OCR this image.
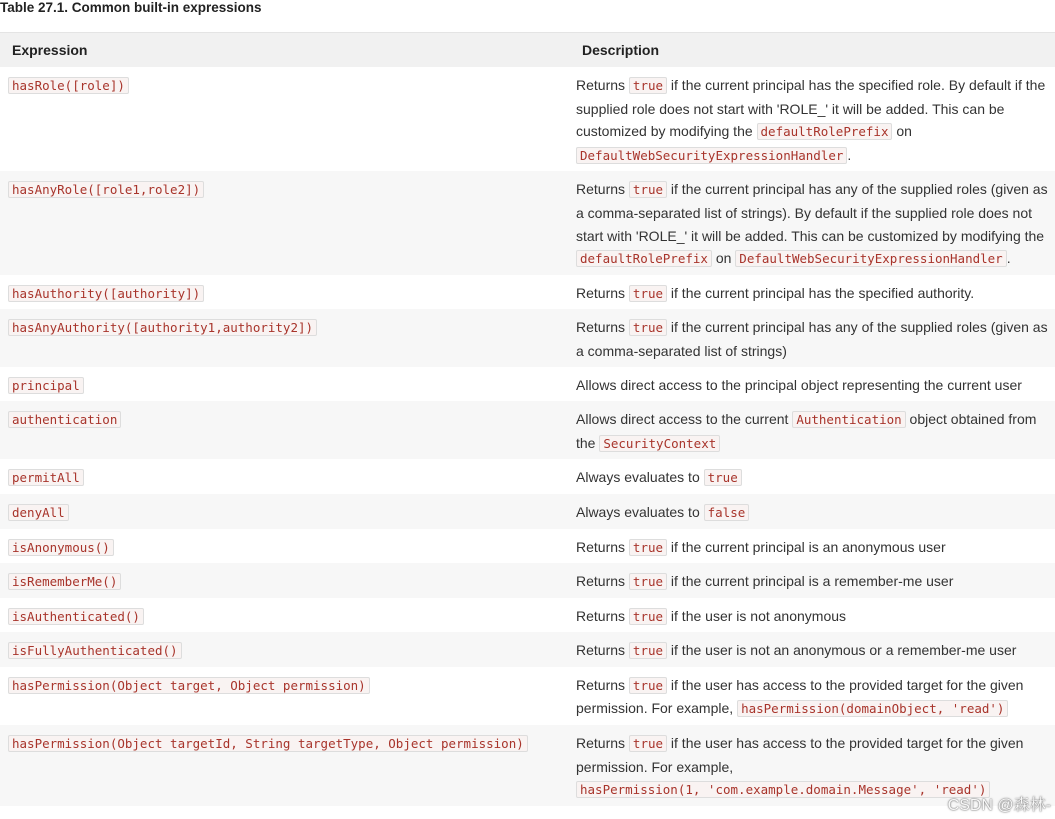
Table 27.1. Common built-in expressions
Expression	Description
hasRole([role])	Returns true if the current principal has the specified role. By default if the supplied role does not start with 'ROLE_' it will be added. This can be customized by modifying the defaultRolePrefix on DefaultWebSecurityExpressionHandler .
hasAnyRole([role1,role2])	Returns true if the current principal has any of the supplied roles (given as a comma-separated list of strings). By default if the supplied role does not start with 'ROLE_' it will be added. This can be customized by modifying the defaultRolePrefix on DefaultWebSecurityExpressionHandler .
hasAuthority([authority])	Returns true if the current principal has the specified authority.
hasAnyAuthority([authority1,authority2])	Returns true if the current principal has any of the supplied roles (given as a comma-separated list of strings)
principal	Allows direct access to the principal object representing the current user
authentication	Allows direct access to the current Authentication object obtained from the SecurityContext
permitAll	Always evaluates to true
denyAll	Always evaluates to false
isAnonymous()	Returns true if the current principal is an anonymous user
isRememberMe()	Returns true if the current principal is a remember-me user
isAuthenticated()	Returns true if the user is not anonymous
isFullyAuthenticated()	Returns true if the user is not an anonymous or a remember-me user
hasPermission(Object target, Object permission)	Returns true if the user has access to the provided target for the given permission. For example, hasPermission(domainObject, 'read')
hasPermission(Object targetId, String targetType, Object permission)	Returns true if the user has access to the provided target for the given permission. For example, hasPermission(1, 'com.example.domain.Message', 'read')
CSDN @森林-
